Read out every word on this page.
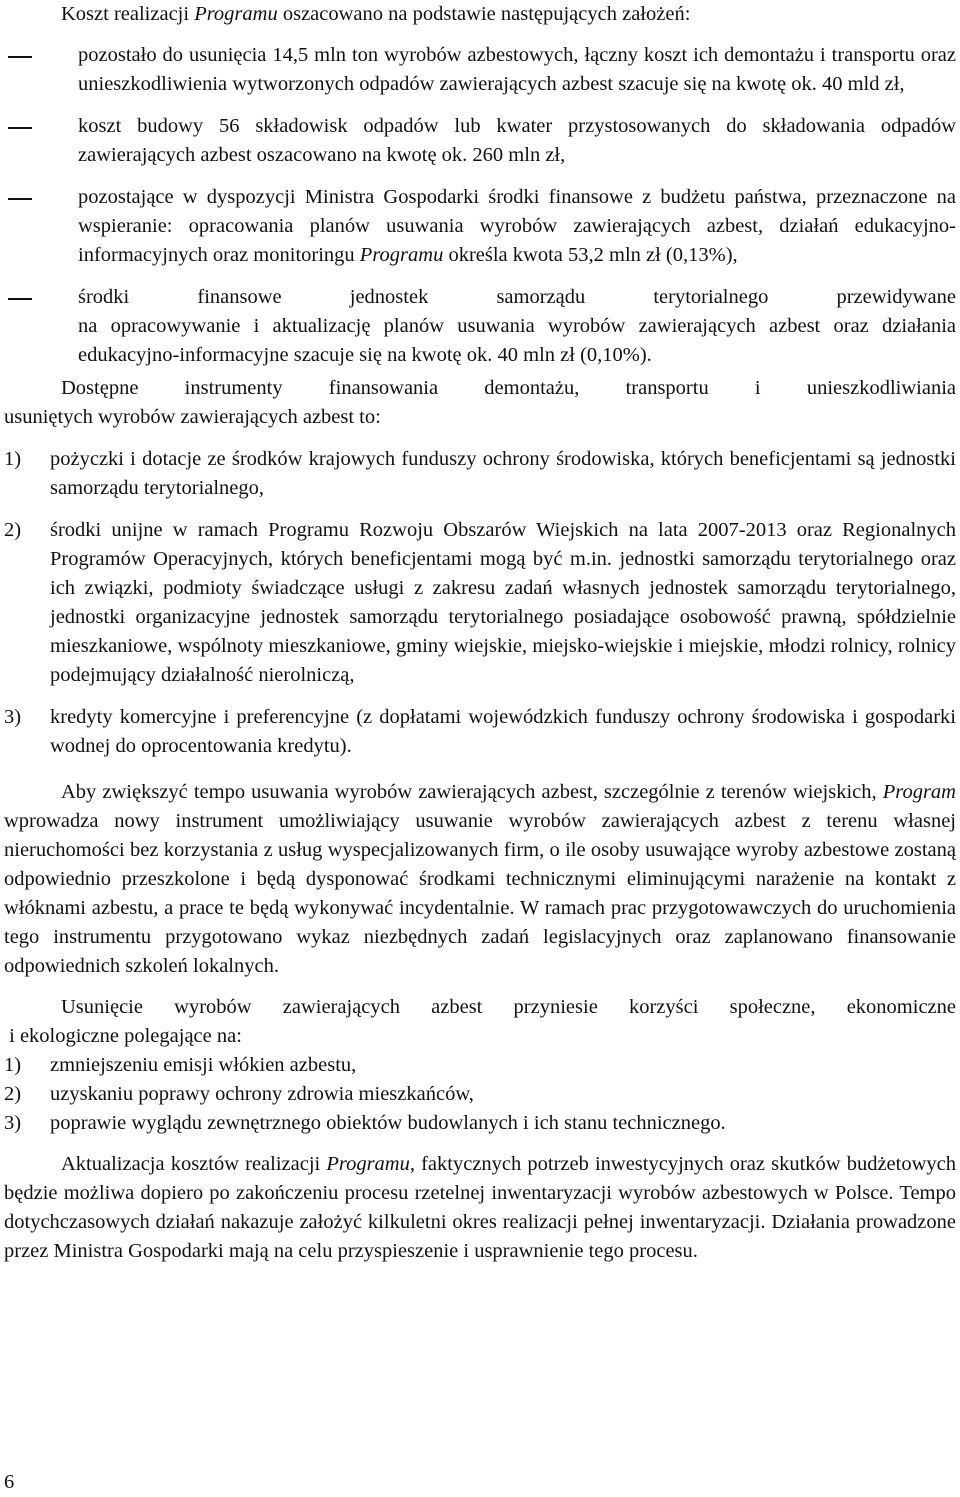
Koszt realizacji Programu oszacowano na podstawie następujących założeń:

pozostało do usunięcia 14,5 mln ton wyrobów azbestowych, łączny koszt ich demontażu i transportu oraz unieszkodliwienia wytworzonych odpadów zawierających azbest szacuje się na kwotę ok. 40 mld zł,

koszt budowy 56 składowisk odpadów lub kwater przystosowanych do składowania odpadów zawierających azbest oszacowano na kwotę ok. 260 mln zł,

pozostające w dyspozycji Ministra Gospodarki środki finansowe z budżetu państwa, przeznaczone na wspieranie: opracowania planów usuwania wyrobów zawierających azbest, działań edukacyjno-informacyjnych oraz monitoringu Programu określa kwota 53,2 mln zł (0,13%),

środki finansowe jednostek samorządu terytorialnego przewidywane

na opracowywanie i aktualizację planów usuwania wyrobów zawierających azbest oraz działania edukacyjno-informacyjne szacuje się na kwotę ok. 40 mln zł (0,10%).

Dostępne instrumenty finansowania demontażu, transportu i unieszkodliwiania

usuniętych wyrobów zawierających azbest to:

1)	pożyczki i dotacje ze środków krajowych funduszy ochrony środowiska, których beneficjentami są jednostki samorządu terytorialnego,

2)	środki unijne w ramach Programu Rozwoju Obszarów Wiejskich na lata 2007-2013 oraz Regionalnych Programów Operacyjnych, których beneficjentami mogą być m.in. jednostki samorządu terytorialnego oraz ich związki, podmioty świadczące usługi z zakresu zadań własnych jednostek samorządu terytorialnego, jednostki organizacyjne jednostek samorządu terytorialnego posiadające osobowość prawną, spółdzielnie mieszkaniowe, wspólnoty mieszkaniowe, gminy wiejskie, miejsko-wiejskie i miejskie, młodzi rolnicy, rolnicy podejmujący działalność nierolniczą,

3)	kredyty komercyjne i preferencyjne (z dopłatami wojewódzkich funduszy ochrony środowiska i gospodarki wodnej do oprocentowania kredytu).

Aby zwiększyć tempo usuwania wyrobów zawierających azbest, szczególnie z terenów wiejskich, Program wprowadza nowy instrument umożliwiający usuwanie wyrobów zawierających azbest z terenu własnej nieruchomości bez korzystania z usług wyspecjalizowanych firm, o ile osoby usuwające wyroby azbestowe zostaną odpowiednio przeszkolone i będą dysponować środkami technicznymi eliminującymi narażenie na kontakt z włóknami azbestu, a prace te będą wykonywać incydentalnie. W ramach prac przygotowawczych do uruchomienia tego instrumentu przygotowano wykaz niezbędnych zadań legislacyjnych oraz zaplanowano finansowanie odpowiednich szkoleń lokalnych.

Usunięcie wyrobów zawierających azbest przyniesie korzyści społeczne, ekonomiczne

i ekologiczne polegające na:

1)	zmniejszeniu emisji włókien azbestu,

2)	uzyskaniu poprawy ochrony zdrowia mieszkańców,

3)	poprawie wyglądu zewnętrznego obiektów budowlanych i ich stanu technicznego.

Aktualizacja kosztów realizacji Programu, faktycznych potrzeb inwestycyjnych oraz skutków budżetowych będzie możliwa dopiero po zakończeniu procesu rzetelnej inwentaryzacji wyrobów azbestowych w Polsce. Tempo dotychczasowych działań nakazuje założyć kilkuletni okres realizacji pełnej inwentaryzacji. Działania prowadzone przez Ministra Gospodarki mają na celu przyspieszenie i usprawnienie tego procesu.

6
